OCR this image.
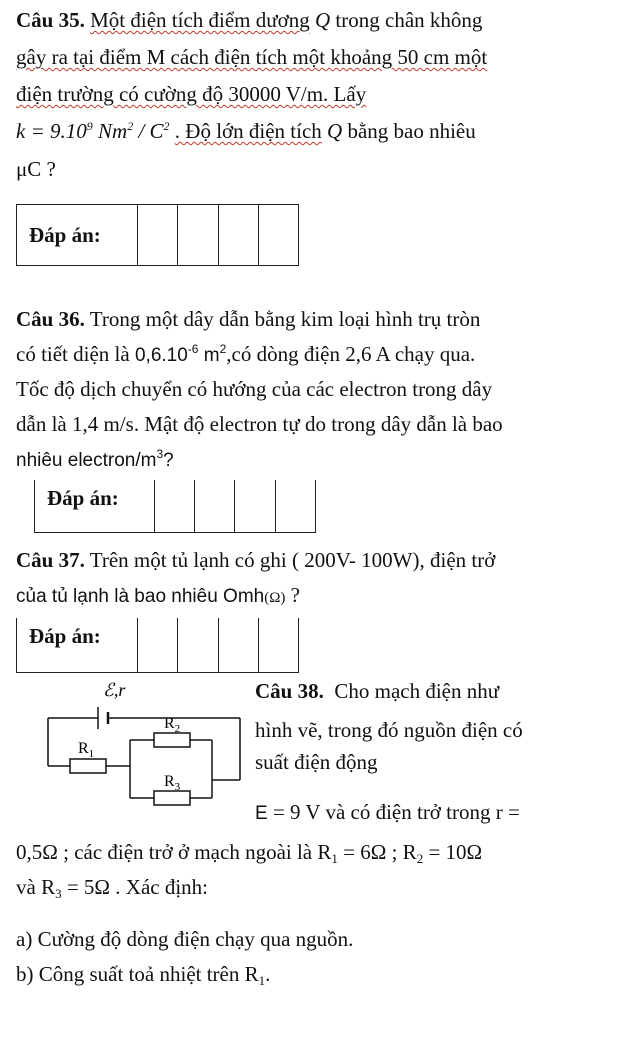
Câu 35. Một điện tích điểm dương Q trong chân không
gây ra tại điểm M cách điện tích một khoảng 50 cm một
điện trường có cường độ 30000 V/m. Lấy
$k = 9.10^9$ $Nm^2 / C^2$ . Độ lớn điện tích Q bằng bao nhiêu
μC ?
Đáp án:
Câu 36. Trong một dây dẫn bằng kim loại hình trụ tròn
có tiết diện là $0,6.10^{-6}$ $m^2,có$ dòng điện 2,6 A chạy qua.
Tốc độ dịch chuyển có hướng của các electron trong dây
dẫn là 1,4 m/s. Mật độ electron tự do trong dây dẫn là bao
nhiêu electron/$m^3$?
Đáp án:
Câu 37. Trên một tủ lạnh có ghi ( 200V- 100W), điện trở
của tủ lạnh là bao nhiêu Omh(Ω) ?
Đáp án:
ℰ,r
$R_1$
$R_2$
$R_3$
Câu 38. Cho mạch điện như
hình vẽ, trong đó nguồn điện có
suất điện động
E = 9 V và có điện trở trong r =
0,5Ω ; các điện trở ở mạch ngoài là $R_1 = 6\Omega$ ; $R_2 = 10\Omega$
và $R_3 = 5\Omega$ . Xác định:
a) Cường độ dòng điện chạy qua nguồn.
b) Công suất toả nhiệt trên $R_1$.
